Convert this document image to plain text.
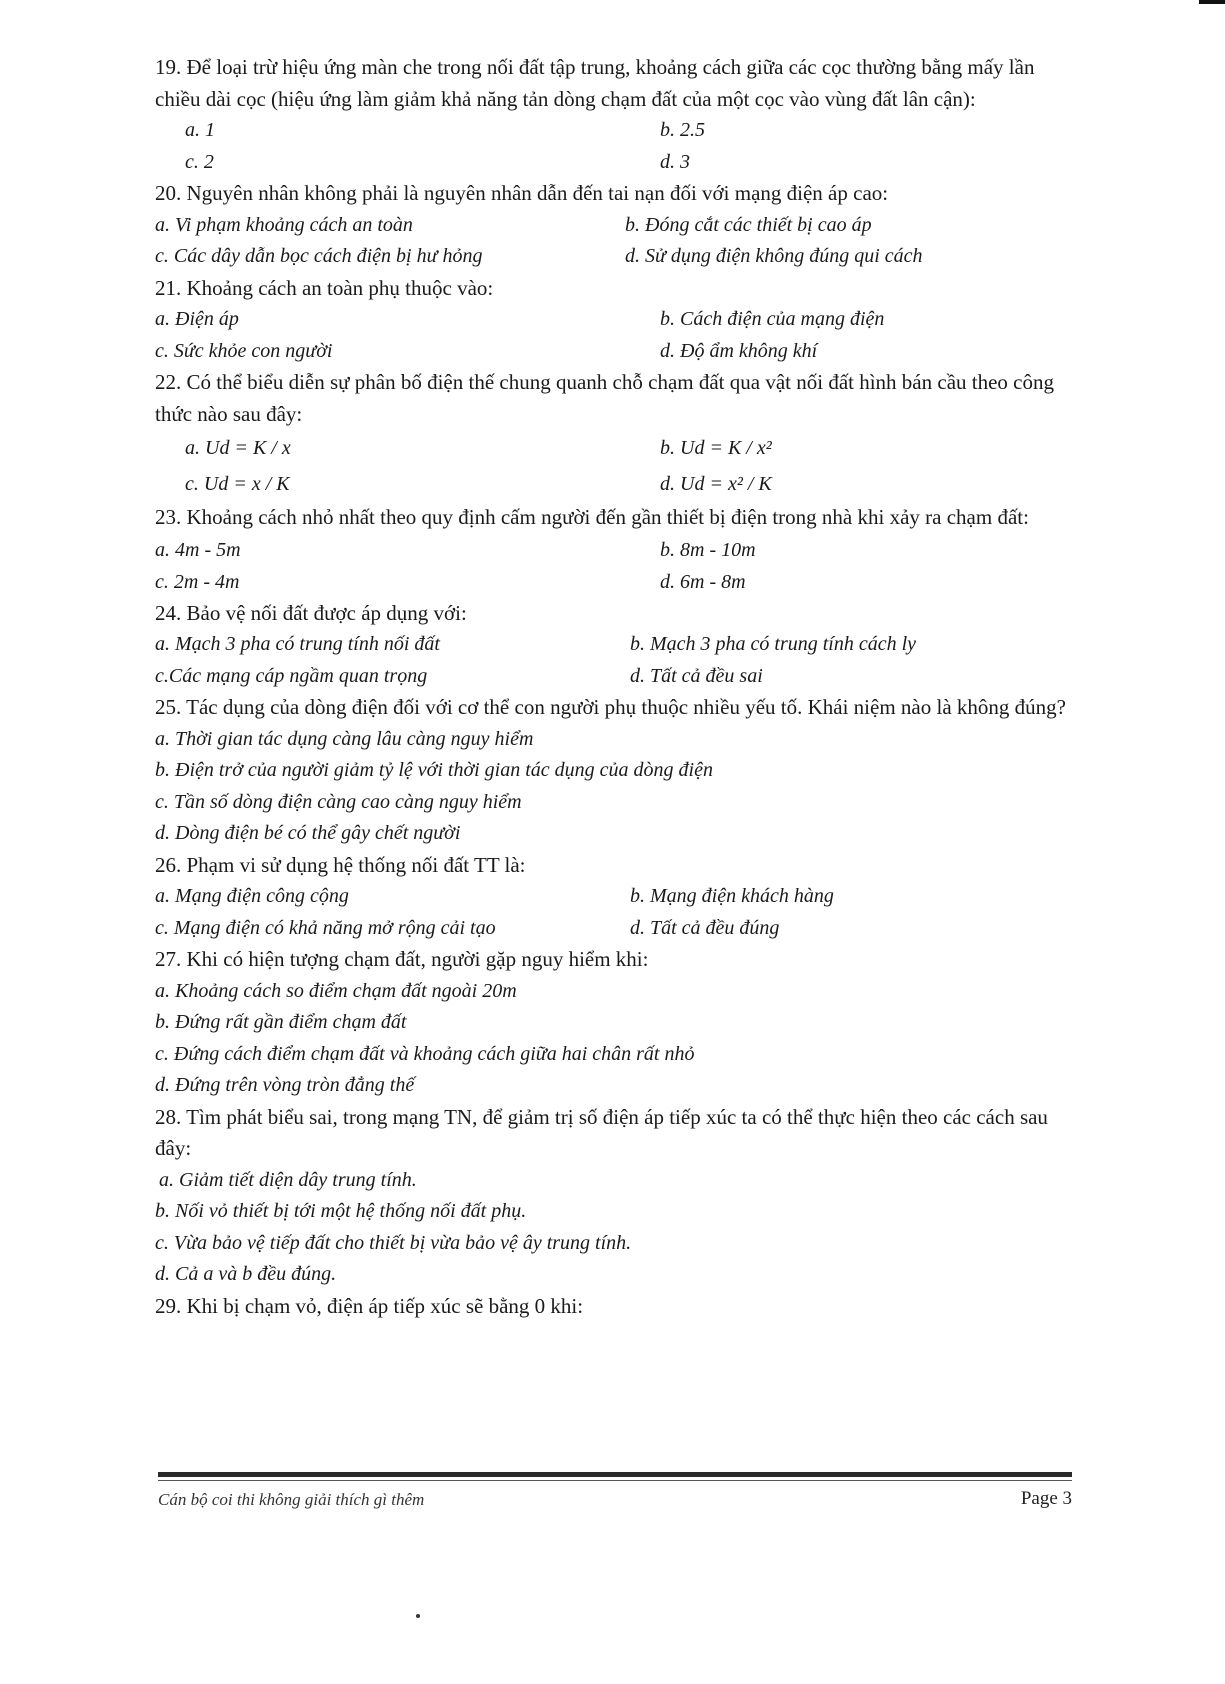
19. Để loại trừ hiệu ứng màn che trong nối đất tập trung, khoảng cách giữa các cọc thường bằng mấy lần chiều dài cọc (hiệu ứng làm giảm khả năng tản dòng chạm đất của một cọc vào vùng đất lân cận):

a. 1	b. 2.5
c. 2	d. 3

20. Nguyên nhân không phải là nguyên nhân dẫn đến tai nạn đối với mạng điện áp cao:

a. Vi phạm khoảng cách an toàn	b. Đóng cắt các thiết bị cao áp
c. Các dây dẫn bọc cách điện bị hư hỏng	d. Sử dụng điện không đúng qui cách

21. Khoảng cách an toàn phụ thuộc vào:

a. Điện áp	b. Cách điện của mạng điện
c. Sức khỏe con người	d. Độ ẩm không khí

22. Có thể biểu diễn sự phân bố điện thế chung quanh chỗ chạm đất qua vật nối đất hình bán cầu theo công thức nào sau đây:

a. Ud = K / x	b. Ud = K / x²
c. Ud = x / K	d. Ud = x² / K

23. Khoảng cách nhỏ nhất theo quy định cấm người đến gần thiết bị điện trong nhà khi xảy ra chạm đất:

a. 4m - 5m	b. 8m - 10m
c. 2m - 4m	d. 6m - 8m

24. Bảo vệ nối đất được áp dụng với:

a. Mạch 3 pha có trung tính nối đất	b. Mạch 3 pha có trung tính cách ly
c.Các mạng cáp ngầm quan trọng	d. Tất cả đều sai

25. Tác dụng của dòng điện đối với cơ thể con người phụ thuộc nhiều yếu tố. Khái niệm nào là không đúng?

a. Thời gian tác dụng càng lâu càng nguy hiểm
b. Điện trở của người giảm tỷ lệ với thời gian tác dụng của dòng điện
c. Tần số dòng điện càng cao càng nguy hiểm
d. Dòng điện bé có thể gây chết người

26. Phạm vi sử dụng hệ thống nối đất TT là:

a. Mạng điện công cộng	b. Mạng điện khách hàng
c. Mạng điện có khả năng mở rộng cải tạo	d. Tất cả đều đúng

27. Khi có hiện tượng chạm đất, người gặp nguy hiểm khi:

a. Khoảng cách so điểm chạm đất ngoài 20m
b. Đứng rất gần điểm chạm đất
c. Đứng cách điểm chạm đất và khoảng cách giữa hai chân rất nhỏ
d. Đứng trên vòng tròn đẳng thế

28. Tìm phát biểu sai, trong mạng TN, để giảm trị số điện áp tiếp xúc ta có thể thực hiện theo các cách sau đây:

a. Giảm tiết diện dây trung tính.
b. Nối vỏ thiết bị tới một hệ thống nối đất phụ.
c. Vừa bảo vệ tiếp đất cho thiết bị vừa bảo vệ ây trung tính.
d. Cả a và b đều đúng.

29. Khi bị chạm vỏ, điện áp tiếp xúc sẽ bằng 0 khi:

Cán bộ coi thi không giải thích gì thêm	Page 3
